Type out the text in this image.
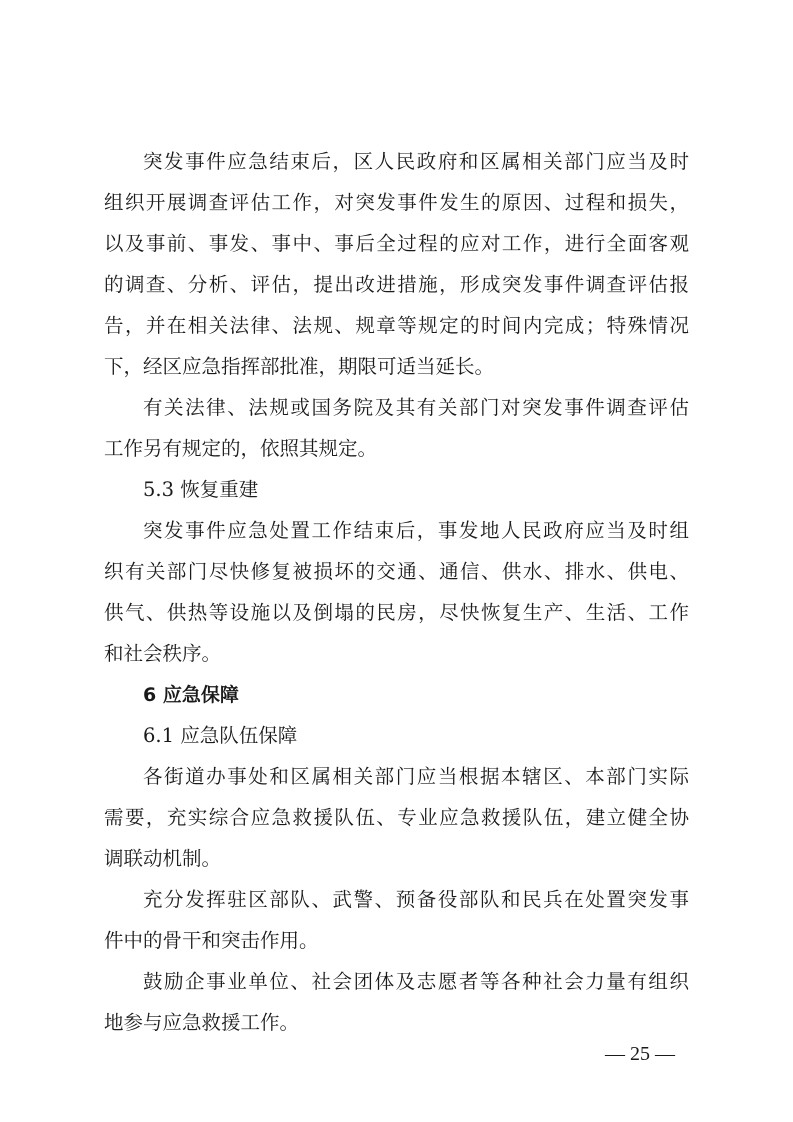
突发事件应急结束后，区人民政府和区属相关部门应当及时
组织开展调查评估工作，对突发事件发生的原因、过程和损失，
以及事前、事发、事中、事后全过程的应对工作，进行全面客观
的调查、分析、评估，提出改进措施，形成突发事件调查评估报
告，并在相关法律、法规、规章等规定的时间内完成；特殊情况
下，经区应急指挥部批准，期限可适当延长。
有关法律、法规或国务院及其有关部门对突发事件调查评估
工作另有规定的，依照其规定。
5.3 恢复重建
突发事件应急处置工作结束后，事发地人民政府应当及时组
织有关部门尽快修复被损坏的交通、通信、供水、排水、供电、
供气、供热等设施以及倒塌的民房，尽快恢复生产、生活、工作
和社会秩序。
6 应急保障
6.1 应急队伍保障
各街道办事处和区属相关部门应当根据本辖区、本部门实际
需要，充实综合应急救援队伍、专业应急救援队伍，建立健全协
调联动机制。
充分发挥驻区部队、武警、预备役部队和民兵在处置突发事
件中的骨干和突击作用。
鼓励企事业单位、社会团体及志愿者等各种社会力量有组织
地参与应急救援工作。
— 25 —
